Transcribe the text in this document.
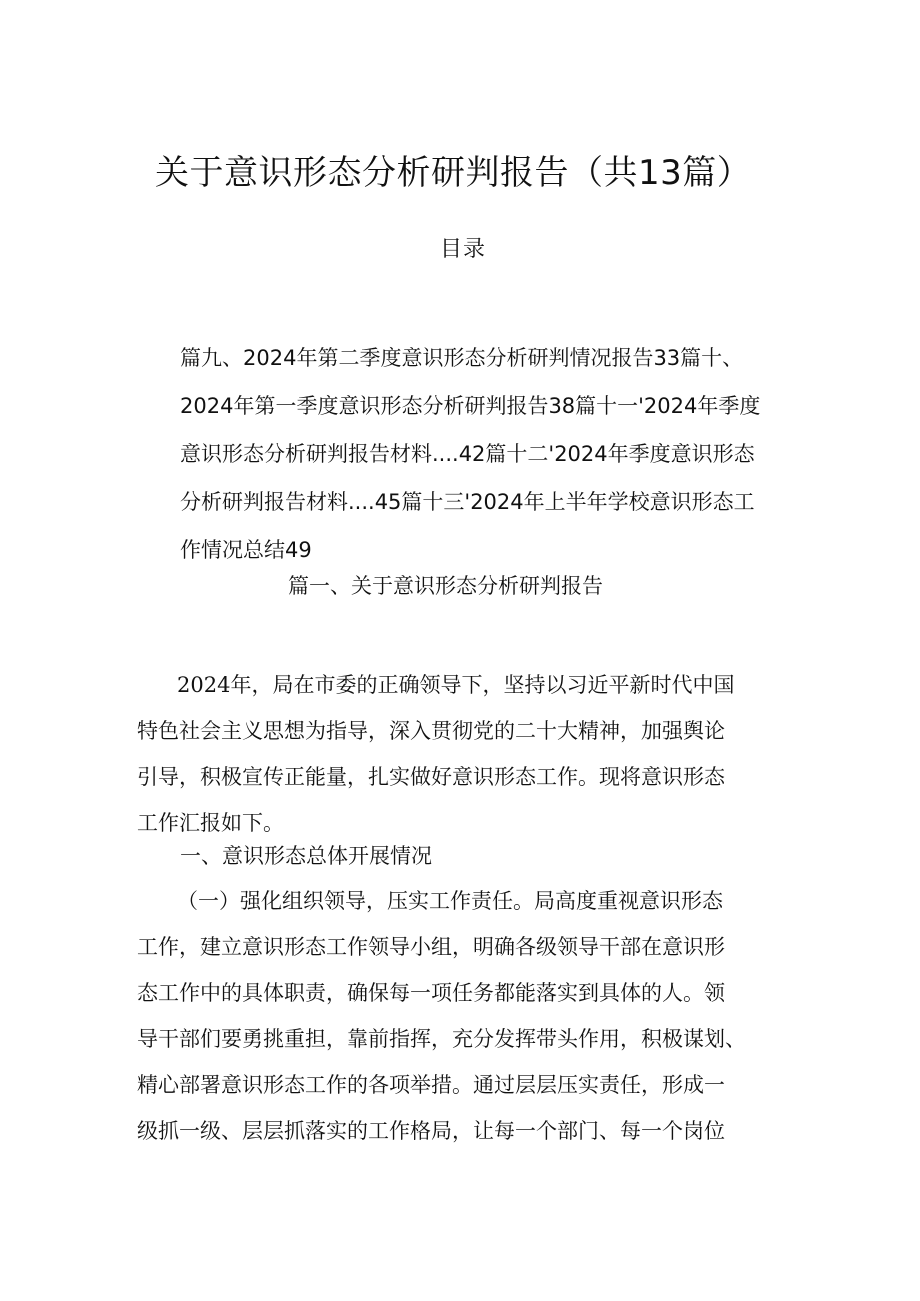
关于意识形态分析研判报告（共13篇）
目录
篇九、2024年第二季度意识形态分析研判情况报告33篇十、
2024年第一季度意识形态分析研判报告38篇十一'2024年季度
意识形态分析研判报告材料....42篇十二'2024年季度意识形态
分析研判报告材料....45篇十三'2024年上半年学校意识形态工
作情况总结49
篇一、关于意识形态分析研判报告
2024年，局在市委的正确领导下，坚持以习近平新时代中国
特色社会主义思想为指导，深入贯彻党的二十大精神，加强舆论
引导，积极宣传正能量，扎实做好意识形态工作。现将意识形态
工作汇报如下。
一、意识形态总体开展情况
（一）强化组织领导，压实工作责任。局高度重视意识形态
工作，建立意识形态工作领导小组，明确各级领导干部在意识形
态工作中的具体职责，确保每一项任务都能落实到具体的人。领
导干部们要勇挑重担，靠前指挥，充分发挥带头作用，积极谋划、
精心部署意识形态工作的各项举措。通过层层压实责任，形成一
级抓一级、层层抓落实的工作格局，让每一个部门、每一个岗位
